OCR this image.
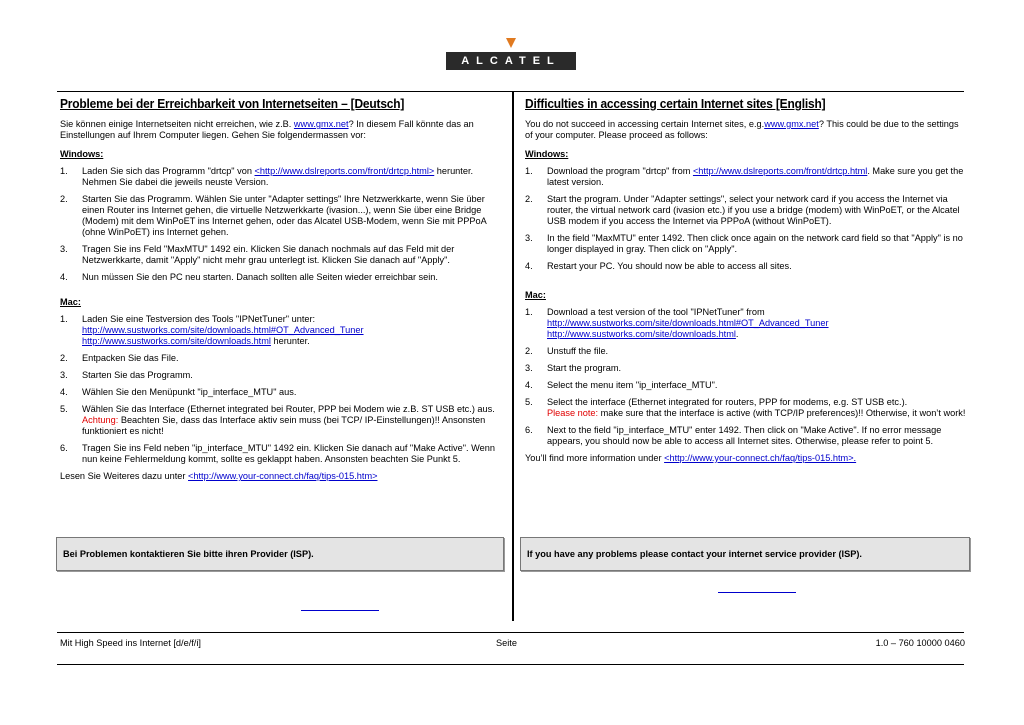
ALCATEL
Probleme bei der Erreichbarkeit von Internetseiten – [Deutsch]

Sie können einige Internetseiten nicht erreichen, wie z.B. www.gmx.net? In diesem Fall könnte das an Einstellungen auf Ihrem Computer liegen. Gehen Sie folgendermassen vor:

Windows:
1.	Laden Sie sich das Programm "drtcp" von <http://www.dslreports.com/front/drtcp.html> herunter. Nehmen Sie dabei die jeweils neuste Version.
2.	Starten Sie das Programm. Wählen Sie unter "Adapter settings" Ihre Netzwerkkarte, wenn Sie über einen Router ins Internet gehen, die virtuelle Netzwerkkarte (ivasion...), wenn Sie über eine Bridge (Modem) mit dem WinPoET ins Internet gehen, oder das Alcatel USB-Modem, wenn Sie mit PPPoA (ohne WinPoET) ins Internet gehen.
3.	Tragen Sie ins Feld "MaxMTU" 1492 ein. Klicken Sie danach nochmals auf das Feld mit der Netzwerkkarte, damit "Apply" nicht mehr grau unterlegt ist. Klicken Sie danach auf "Apply".
4.	Nun müssen Sie den PC neu starten. Danach sollten alle Seiten wieder erreichbar sein.
Mac:
1.	Laden Sie eine Testversion des Tools "IPNetTuner" unter:
http://www.sustworks.com/site/downloads.html#OT_Advanced_Tuner
http://www.sustworks.com/site/downloads.html herunter.
2.	Entpacken Sie das File.
3.	Starten Sie das Programm.
4.	Wählen Sie den Menüpunkt "ip_interface_MTU" aus.
5.	Wählen Sie das Interface (Ethernet integrated bei Router, PPP bei Modem wie z.B. ST USB etc.) aus.
Achtung: Beachten Sie, dass das Interface aktiv sein muss (bei TCP/ IP-Einstellungen)!! Ansonsten funktioniert es nicht!
6.	Tragen Sie ins Feld neben "ip_interface_MTU" 1492 ein. Klicken Sie danach auf "Make Active". Wenn nun keine Fehlermeldung kommt, sollte es geklappt haben. Ansonsten beachten Sie Punkt 5.

Lesen Sie Weiteres dazu unter <http://www.your-connect.ch/faq/tips-015.htm>

Difficulties in accessing certain Internet sites [English]

You do not succeed in accessing certain Internet sites, e.g.www.gmx.net? This could be due to the settings of your computer. Please proceed as follows:

Windows:
1.	Download the program "drtcp" from <http://www.dslreports.com/front/drtcp.html. Make sure you get the latest version.
2.	Start the program. Under "Adapter settings", select your network card if you access the Internet via router, the virtual network card (ivasion etc.) if you use a bridge (modem) with WinPoET, or the Alcatel USB modem if you access the Internet via PPPoA (without WinPoET).
3.	In the field "MaxMTU" enter 1492. Then click once again on the network card field so that "Apply" is no longer displayed in gray. Then click on "Apply".
4.	Restart your PC. You should now be able to access all sites.
Mac:
1.	Download a test version of the tool "IPNetTuner" from
http://www.sustworks.com/site/downloads.html#OT_Advanced_Tuner
http://www.sustworks.com/site/downloads.html.
2.	Unstuff the file.
3.	Start the program.
4.	Select the menu item "ip_interface_MTU".
5.	Select the interface (Ethernet integrated for routers, PPP for modems, e.g. ST USB etc.).
Please note: make sure that the interface is active (with TCP/IP preferences)!! Otherwise, it won’t work!
6.	Next to the field "ip_interface_MTU" enter 1492. Then click on "Make Active". If no error message appears, you should now be able to access all Internet sites. Otherwise, please refer to point 5.

You’ll find more information under <http://www.your-connect.ch/faq/tips-015.htm>.

Bei Problemen kontaktieren Sie bitte ihren Provider (ISP).	If you have any problems please contact your internet service provider (ISP).
Mit High Speed ins Internet [d/e/f/i]	Seite	1.0 – 760 10000 0460
